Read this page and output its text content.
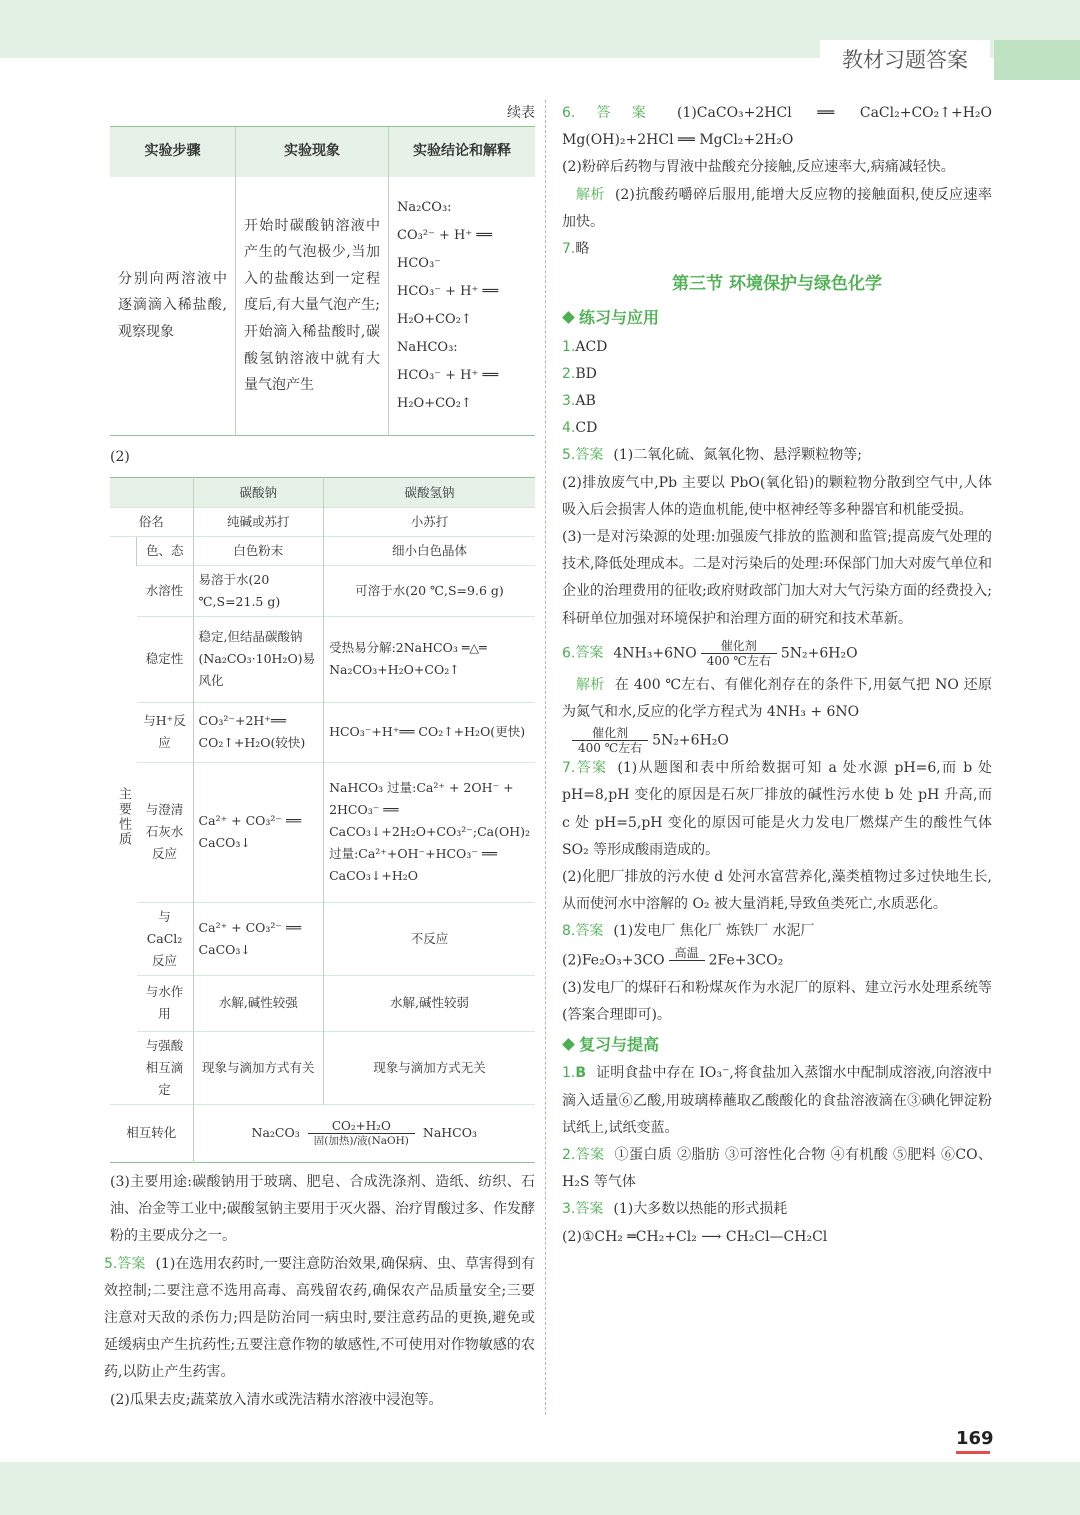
教材习题答案
续表
实验步骤	实验现象	实验结论和解释
分别向两溶液中逐滴滴入稀盐酸,观察现象	开始时碳酸钠溶液中产生的气泡极少,当加入的盐酸达到一定程度后,有大量气泡产生;开始滴入稀盐酸时,碳酸氢钠溶液中就有大量气泡产生	Na₂CO₃:
CO₃²⁻ + H⁺ ══ HCO₃⁻
HCO₃⁻ + H⁺ ══ H₂O+CO₂↑
NaHCO₃:
HCO₃⁻ + H⁺ ══ H₂O+CO₂↑
(2)
		碳酸钠	碳酸氢钠
俗名		纯碱或苏打	小苏打
主要性质	色、态	白色粉末	细小白色晶体
	水溶性	易溶于水(20 ℃,S=21.5 g)	可溶于水(20 ℃,S=9.6 g)
	稳定性	稳定,但结晶碳酸钠(Na₂CO₃·10H₂O)易风化	受热易分解:2NaHCO₃ ═△═ Na₂CO₃+H₂O+CO₂↑
	与H⁺反应	CO₃²⁻+2H⁺══ CO₂↑+H₂O(较快)	HCO₃⁻+H⁺══ CO₂↑+H₂O(更快)
	与澄清石灰水反应	Ca²⁺ + CO₃²⁻ ══ CaCO₃↓	NaHCO₃ 过量:Ca²⁺ + 2OH⁻ + 2HCO₃⁻ ══ CaCO₃↓+2H₂O+CO₃²⁻;Ca(OH)₂ 过量:Ca²⁺+OH⁻+HCO₃⁻ ══ CaCO₃↓+H₂O
	与CaCl₂反应	Ca²⁺ + CO₃²⁻ ══ CaCO₃↓	不反应
	与水作用	水解,碱性较强	水解,碱性较弱
	与强酸相互滴定	现象与滴加方式有关	现象与滴加方式无关
相互转化		$Na_2CO_3 \frac{\text{CO₂+H₂O}}{\text{固(加热)/液(NaOH)}}$ NaHCO₃	

(3)主要用途:碳酸钠用于玻璃、肥皂、合成洗涤剂、造纸、纺织、石油、冶金等工业中;碳酸氢钠主要用于灭火器、治疗胃酸过多、作发酵粉的主要成分之一。

5.答案 (1)在选用农药时,一要注意防治效果,确保病、虫、草害得到有效控制;二要注意不选用高毒、高残留农药,确保农产品质量安全;三要注意对天敌的杀伤力;四是防治同一病虫时,要注意药品的更换,避免或延缓病虫产生抗药性;五要注意作物的敏感性,不可使用对作物敏感的农药,以防止产生药害。

(2)瓜果去皮;蔬菜放入清水或洗洁精水溶液中浸泡等。

6.答案 (1)CaCO₃+2HCl ══ CaCl₂+CO₂↑+H₂O Mg(OH)₂+2HCl ══ MgCl₂+2H₂O

(2)粉碎后药物与胃液中盐酸充分接触,反应速率大,病痛减轻快。

解析 (2)抗酸药嚼碎后服用,能增大反应物的接触面积,使反应速率加快。

7.略

第三节 环境保护与绿色化学
练习与应用

1.ACD

2.BD

3.AB

4.CD

5.答案 (1)二氧化硫、氮氧化物、悬浮颗粒物等;

(2)排放废气中,Pb 主要以 PbO(氧化铅)的颗粒物分散到空气中,人体吸入后会损害人体的造血机能,使中枢神经等多种器官和机能受损。

(3)一是对污染源的处理:加强废气排放的监测和监管;提高废气处理的技术,降低处理成本。二是对污染后的处理:环保部门加大对废气单位和企业的治理费用的征收;政府财政部门加大对大气污染方面的经费投入;科研单位加强对环境保护和治理方面的研究和技术革新。

6.答案 $4NH_3+6NO \frac{\text{催化剂}}{\text{400 ℃左右}} 5N_2+6H_2O$

解析 在 400 ℃左右、有催化剂存在的条件下,用氨气把 NO 还原为氮气和水,反应的化学方程式为 4NH₃ + 6NO

$\frac{\text{催化剂}}{\text{400 ℃左右}} 5N_2+6H_2O$

7.答案 (1)从题图和表中所给数据可知 a 处水源 pH=6,而 b 处 pH=8,pH 变化的原因是石灰厂排放的碱性污水使 b 处 pH 升高,而 c 处 pH=5,pH 变化的原因可能是火力发电厂燃煤产生的酸性气体 SO₂ 等形成酸雨造成的。

(2)化肥厂排放的污水使 d 处河水富营养化,藻类植物过多过快地生长,从而使河水中溶解的 O₂ 被大量消耗,导致鱼类死亡,水质恶化。

8.答案 (1)发电厂 焦化厂 炼铁厂 水泥厂

(2)Fe₂O₃+3CO 高温
2Fe+3CO₂

(3)发电厂的煤矸石和粉煤灰作为水泥厂的原料、建立污水处理系统等(答案合理即可)。

复习与提高

1.B 证明食盐中存在 IO₃⁻,将食盐加入蒸馏水中配制成溶液,向溶液中滴入适量⑥乙酸,用玻璃棒蘸取乙酸酸化的食盐溶液滴在③碘化钾淀粉试纸上,试纸变蓝。

2.答案 ①蛋白质 ②脂肪 ③可溶性化合物 ④有机酸 ⑤肥料 ⑥CO、H₂S 等气体

3.答案 (1)大多数以热能的形式损耗

(2)①CH₂ ═CH₂+Cl₂ ⟶ CH₂Cl—CH₂Cl

169
